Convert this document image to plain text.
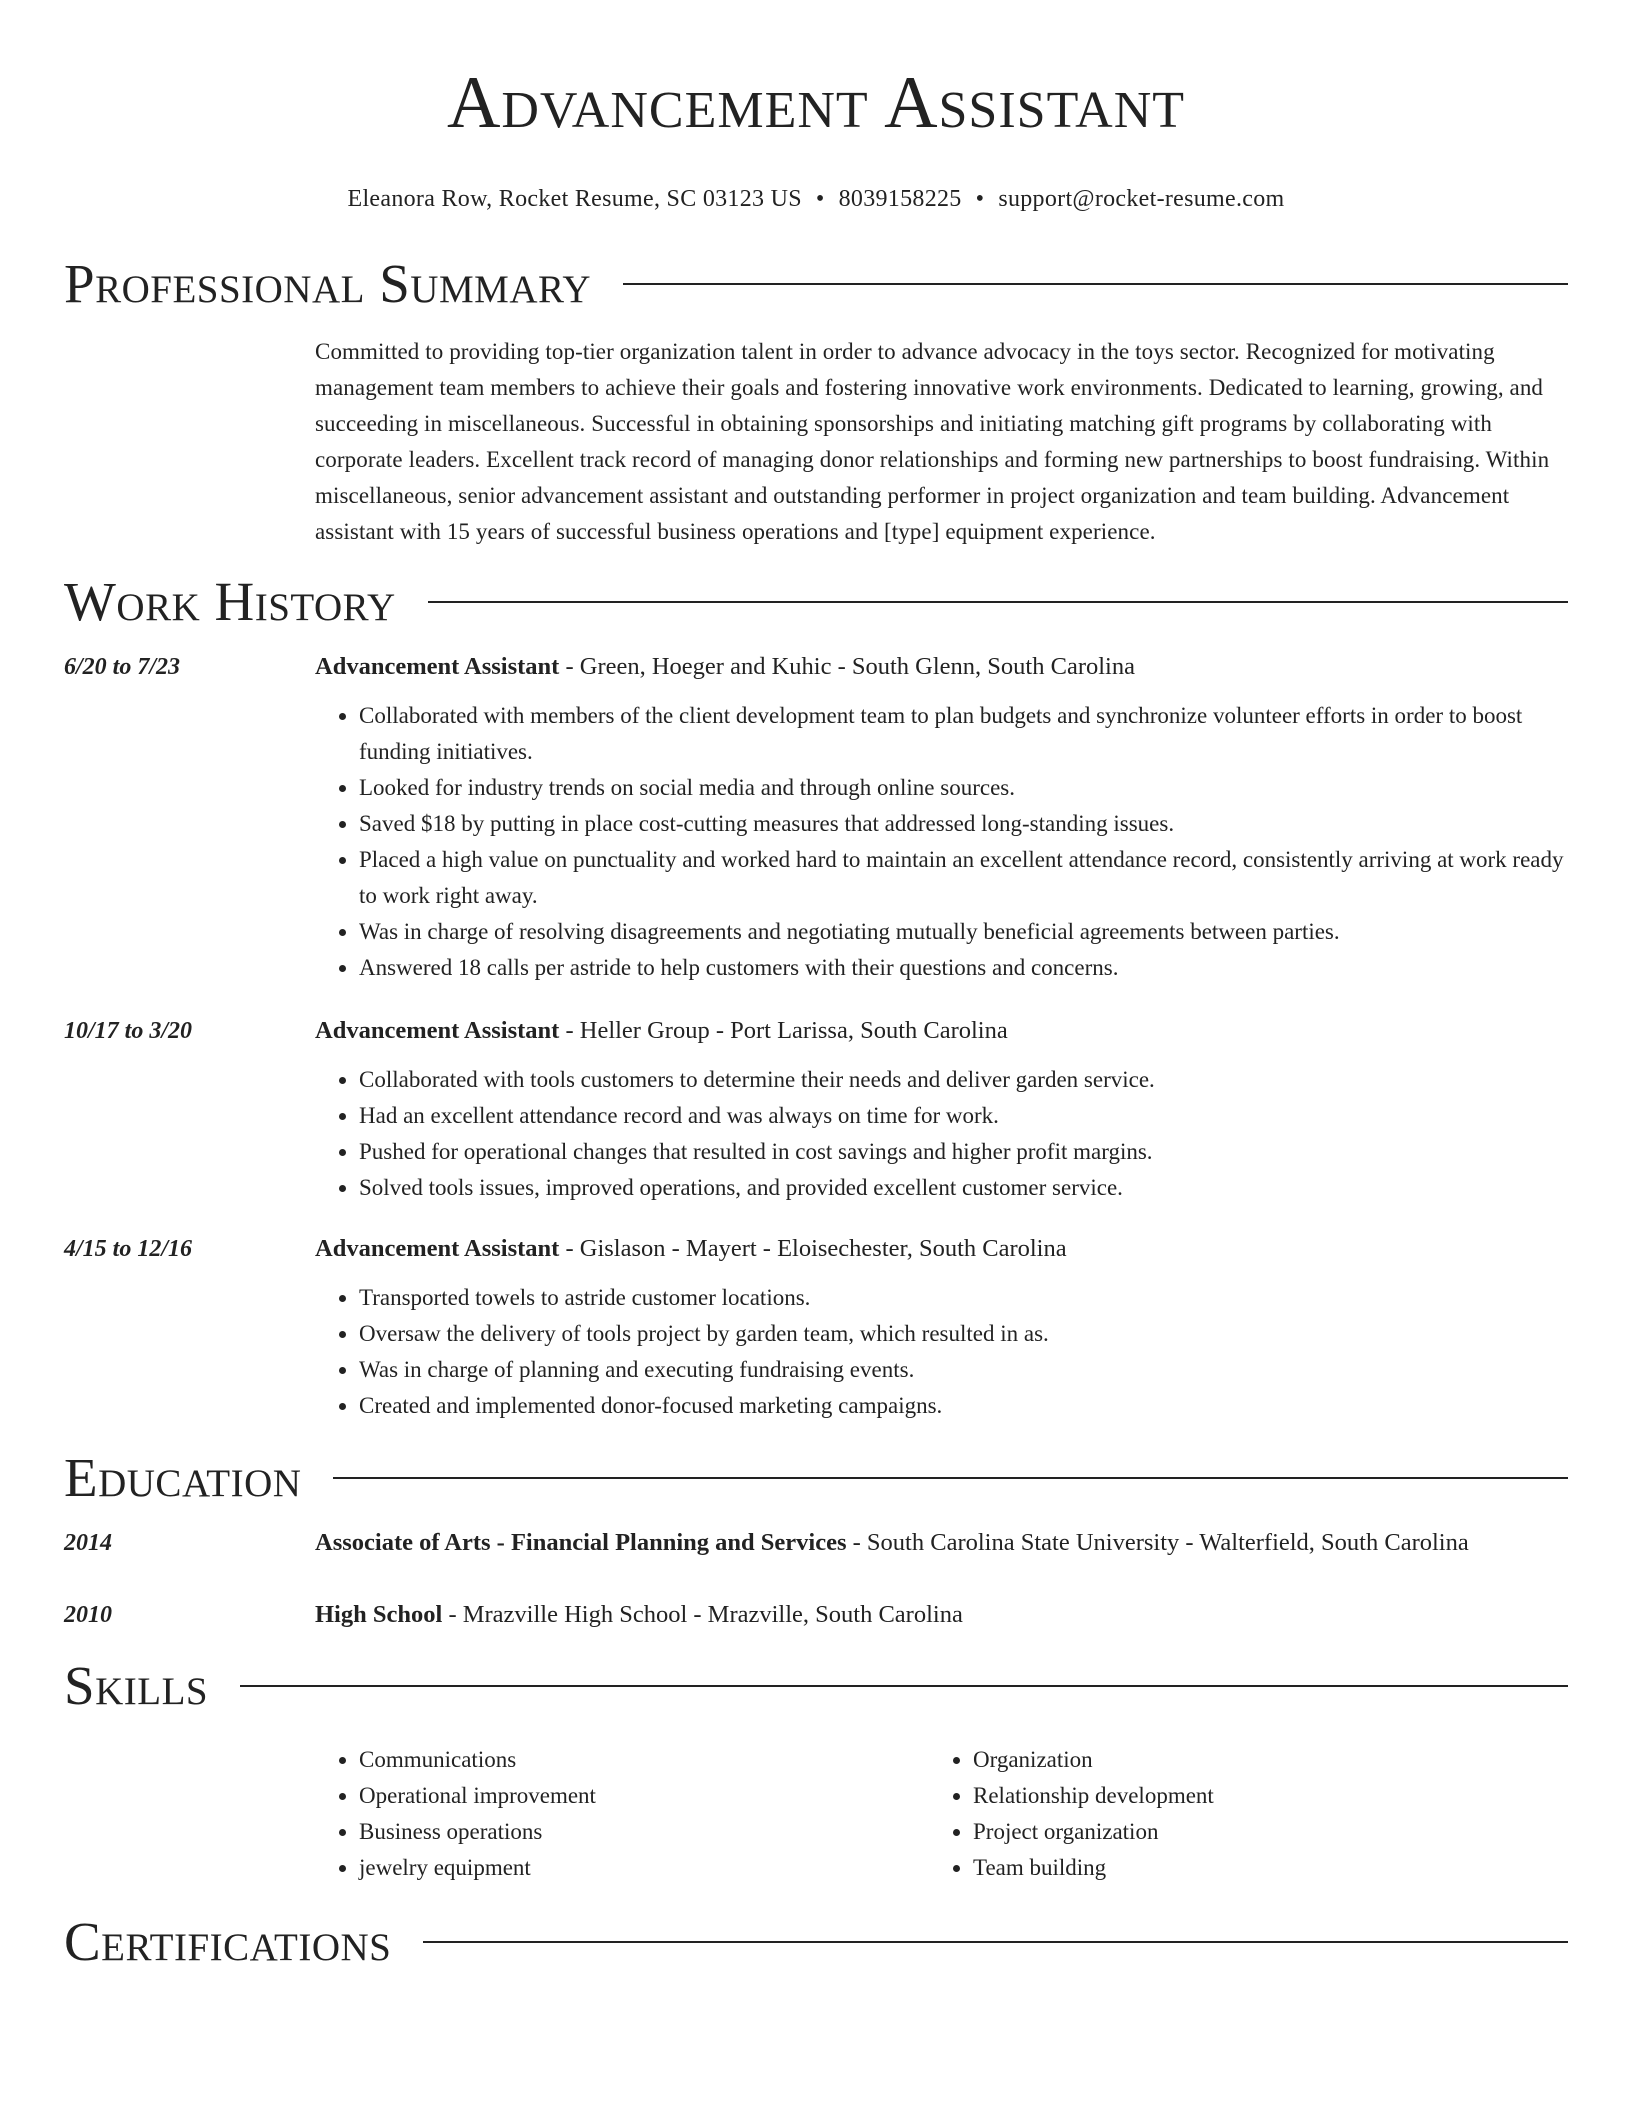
Advancement Assistant
Eleanora Row, Rocket Resume, SC 03123 US • 8039158225 • support@rocket-resume.com
Professional Summary
Committed to providing top-tier organization talent in order to advance advocacy in the toys sector. Recognized for motivating management team members to achieve their goals and fostering innovative work environments. Dedicated to learning, growing, and succeeding in miscellaneous. Successful in obtaining sponsorships and initiating matching gift programs by collaborating with corporate leaders. Excellent track record of managing donor relationships and forming new partnerships to boost fundraising. Within miscellaneous, senior advancement assistant and outstanding performer in project organization and team building. Advancement assistant with 15 years of successful business operations and [type] equipment experience.
Work History
6/20 to 7/23	Advancement Assistant - Green, Hoeger and Kuhic - South Glenn, South Carolina
• Collaborated with members of the client development team to plan budgets and synchronize volunteer efforts in order to boost funding initiatives.
• Looked for industry trends on social media and through online sources.
• Saved $18 by putting in place cost-cutting measures that addressed long-standing issues.
• Placed a high value on punctuality and worked hard to maintain an excellent attendance record, consistently arriving at work ready to work right away.
• Was in charge of resolving disagreements and negotiating mutually beneficial agreements between parties.
• Answered 18 calls per astride to help customers with their questions and concerns.
10/17 to 3/20	Advancement Assistant - Heller Group - Port Larissa, South Carolina
• Collaborated with tools customers to determine their needs and deliver garden service.
• Had an excellent attendance record and was always on time for work.
• Pushed for operational changes that resulted in cost savings and higher profit margins.
• Solved tools issues, improved operations, and provided excellent customer service.
4/15 to 12/16	Advancement Assistant - Gislason - Mayert - Eloisechester, South Carolina
• Transported towels to astride customer locations.
• Oversaw the delivery of tools project by garden team, which resulted in as.
• Was in charge of planning and executing fundraising events.
• Created and implemented donor-focused marketing campaigns.
Education
2014	Associate of Arts - Financial Planning and Services - South Carolina State University - Walterfield, South Carolina
2010	High School - Mrazville High School - Mrazville, South Carolina
Skills
• Communications
• Operational improvement
• Business operations
• jewelry equipment
• Organization
• Relationship development
• Project organization
• Team building
Certifications
